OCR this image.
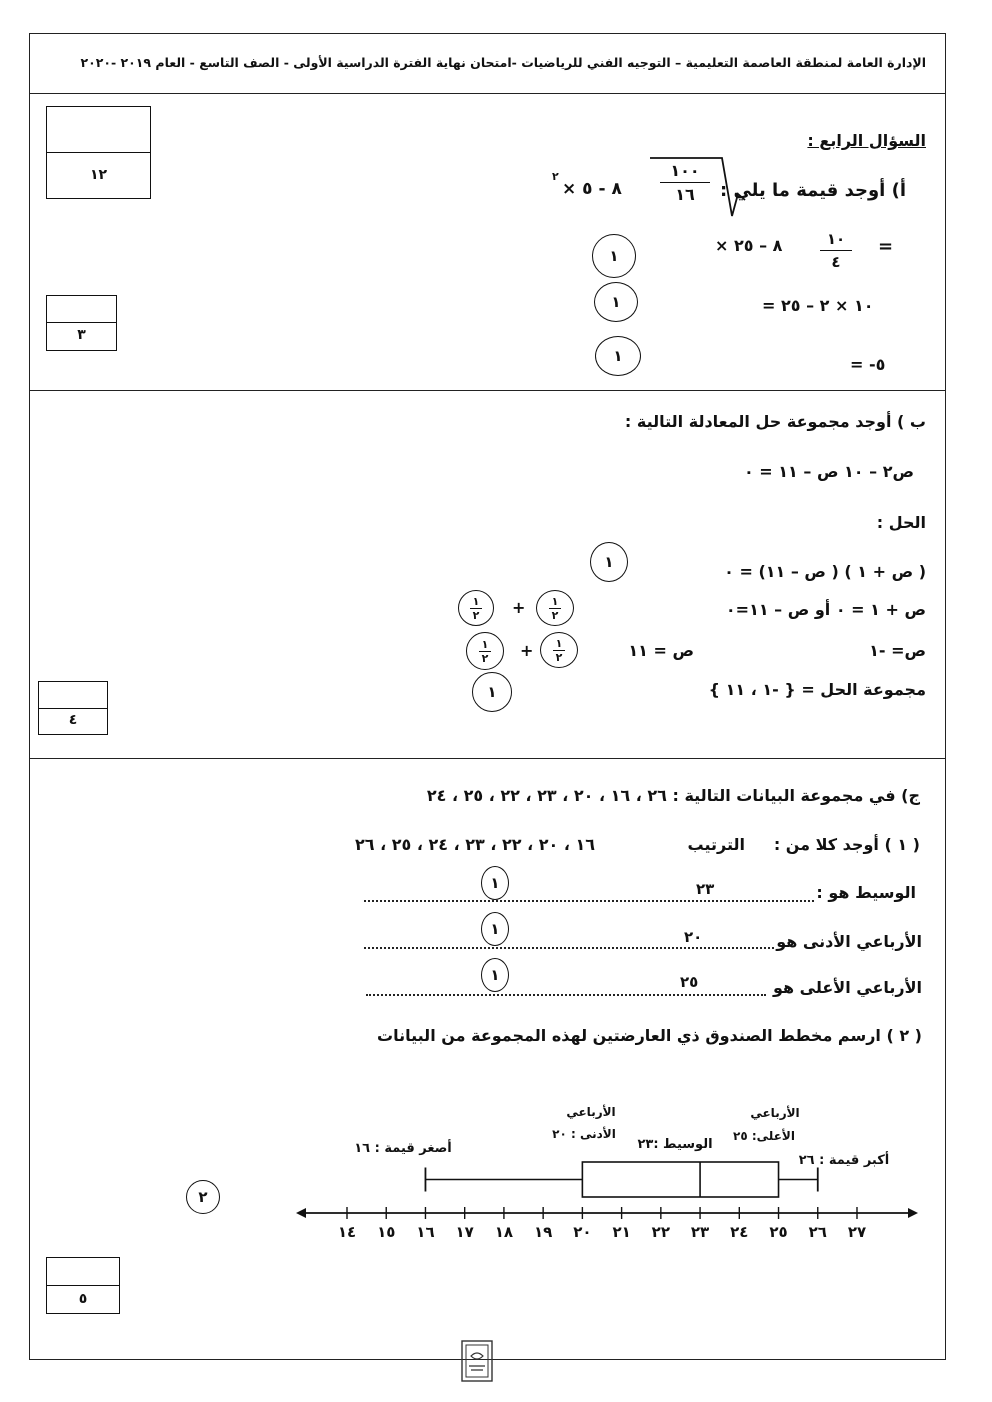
الإدارة العامة لمنطقة العاصمة التعليمية – التوجيه الفني للرياضيات -امتحان نهاية الفترة الدراسية الأولى - الصف التاسع - العام ٢٠١٩ -٢٠٢٠
١٢
٣
٤
٥
السؤال الرابع :
أ) أوجد قيمة ما يلي :
١٠٠
١٦
× ٨ - ٥
٢
=
١٠
٤
× ٨ – ٢٥
= ١٠ × ٢ – ٢٥
= -٥
١
١
١
ب ) أوجد مجموعة حل المعادلة التالية :
ص٢ – ١٠ ص – ١١ = ٠
الحل :
( ص + ١ ) ( ص – ١١) = ٠
ص + ١ = ٠ أو ص – ١١=٠
ص= -١
ص = ١١
مجموعة الحل = { -١ ، ١١ }
١
١
$\frac{١}{٢} + \frac{١}{٢}$
$\frac{١}{٢} + \frac{١}{٢}$
ج) في مجموعة البيانات التالية : ٢٦ ، ١٦ ، ٢٠ ، ٢٣ ، ٢٢ ، ٢٥ ، ٢٤
( ١ ) أوجد كلا من :
الترتيب
١٦ ، ٢٠ ، ٢٢ ، ٢٣ ، ٢٤ ، ٢٥ ، ٢٦
الوسيط هو :
٢٣
الأرباعي الأدنى هو
٢٠
الأرباعي الأعلى هو
٢٥
١
١
١
( ٢ ) ارسم مخطط الصندوق ذي العارضتين لهذه المجموعة من البيانات
١٤ ١٥ ١٦ ١٧ ١٨ ١٩ ٢٠ ٢١ ٢٢ ٢٣ ٢٤ ٢٥ ٢٦ ٢٧
أصغر قيمة : ١٦
الأرباعي
الأدنى : ٢٠
الوسيط :٢٣
الأرباعي
الأعلى: ٢٥
أكبر قيمة : ٢٦
٢
